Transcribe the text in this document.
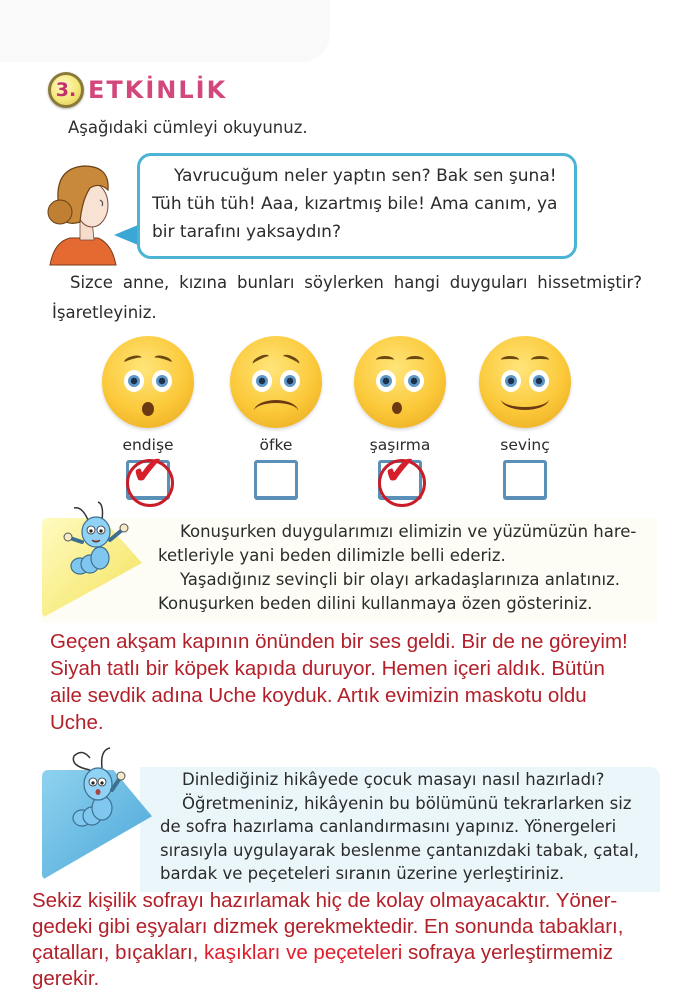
3. ETKİNLİK
Aşağıdaki cümleyi okuyunuz.

Yavrucuğum neler yaptın sen? Bak sen şuna!

Tüh tüh tüh! Aaa, kızartmış bile! Ama canım, ya

bir tarafını yaksaydın?

Sizce anne, kızına bunları söylerken hangi duyguları hissetmiştir? İşaretleyiniz.
endişe
✔
öfke	şaşırma
✔
sevinç
Konuşurken duygularımızı elimizin ve yüzümüzün hare-
ketleriyle yani beden dilimizle belli ederiz.
Yaşadığınız sevinçli bir olayı arkadaşlarınıza anlatınız.
Konuşurken beden dilini kullanmaya özen gösteriniz.
Geçen akşam kapının önünden bir ses geldi. Bir de ne göreyim!
Siyah tatlı bir köpek kapıda duruyor. Hemen içeri aldık. Bütün
aile sevdik adına Uche koyduk. Artık evimizin maskotu oldu
Uche.
Dinlediğiniz hikâyede çocuk masayı nasıl hazırladı?
Öğretmeniniz, hikâyenin bu bölümünü tekrarlarken siz
de sofra hazırlama canlandırmasını yapınız. Yönergeleri
sırasıyla uygulayarak beslenme çantanızdaki tabak, çatal,
bardak ve peçeteleri sıranın üzerine yerleştiriniz.
Sekiz kişilik sofrayı hazırlamak hiç de kolay olmayacaktır. Yöner-
gedeki gibi eşyaları dizmek gerekmektedir. En sonunda tabakları,
çatalları, bıçakları, kaşıkları ve peçeteleri sofraya yerleştirmemiz
gerekir.
